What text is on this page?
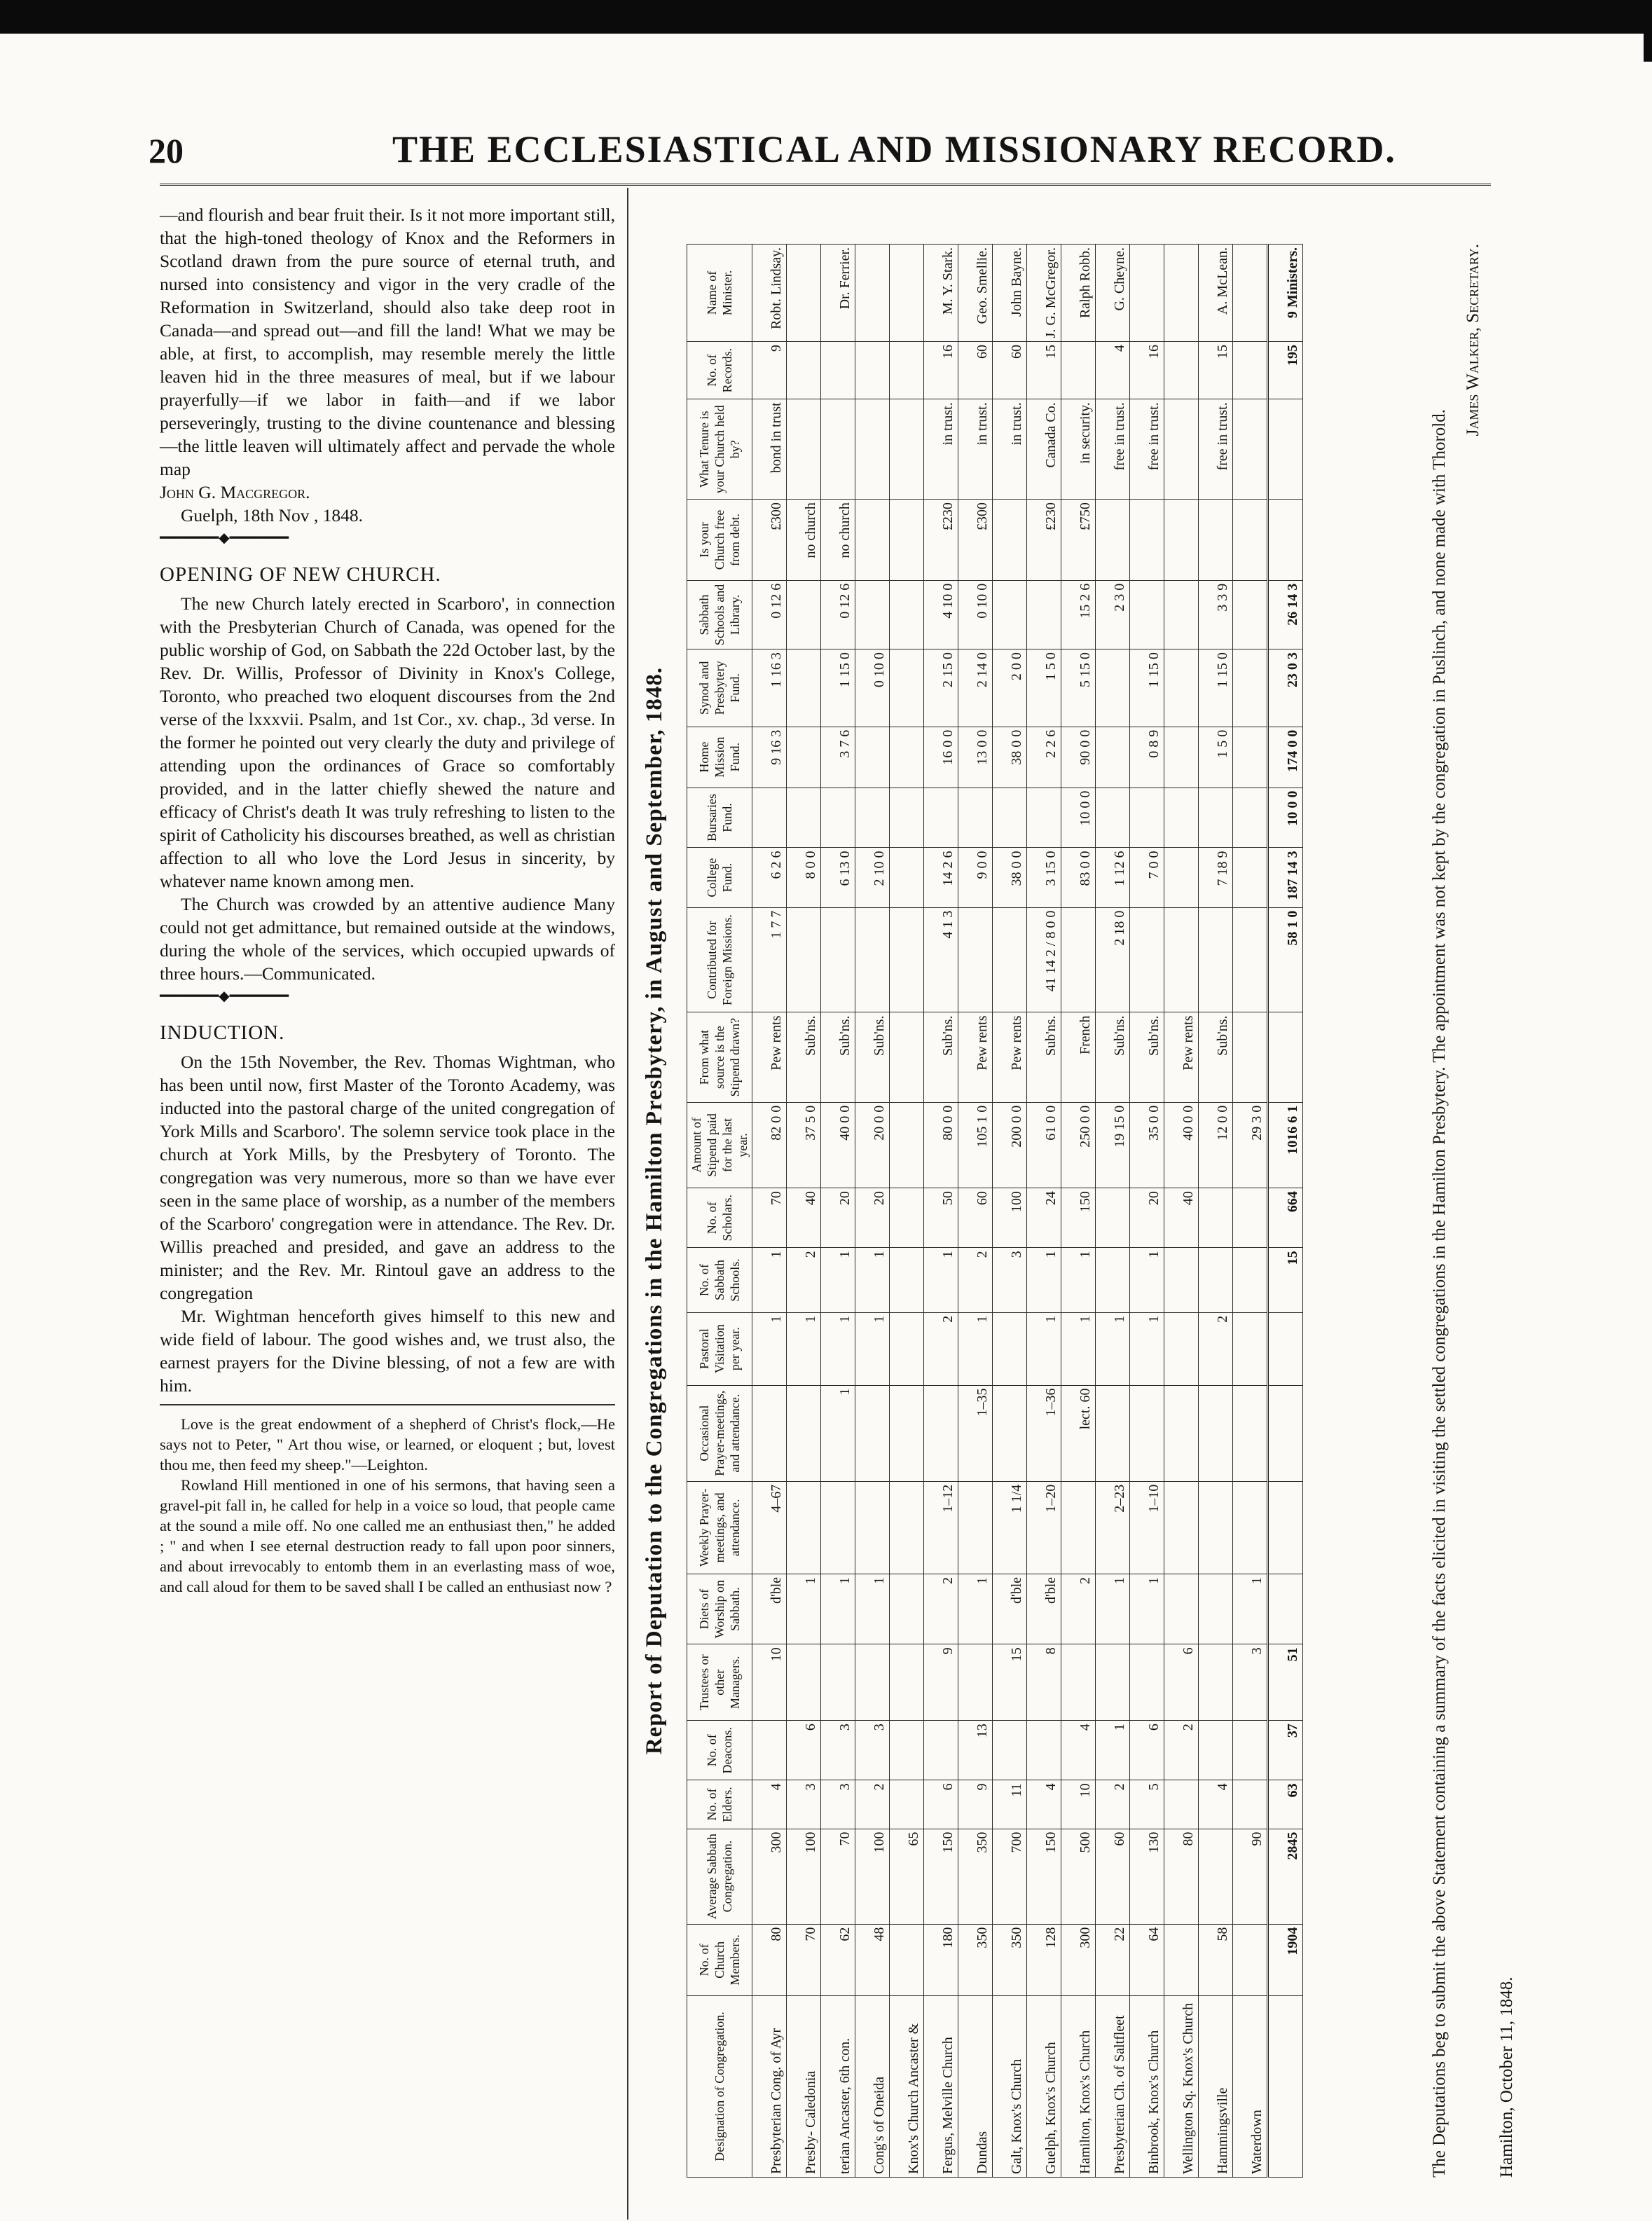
20	THE ECCLESIASTICAL AND MISSIONARY RECORD.

—and flourish and bear fruit their. Is it not more important still, that the high-toned theology of Knox and the Reformers in Scotland drawn from the pure source of eternal truth, and nursed into consistency and vigor in the very cradle of the Reformation in Switzerland, should also take deep root in Canada—and spread out—and fill the land! What we may be able, at first, to accomplish, may resemble merely the little leaven hid in the three measures of meal, but if we labour prayerfully—if we labor in faith—and if we labor perseveringly, trusting to the divine countenance and blessing—the little leaven will ultimately affect and pervade the whole map

John G. Macgregor.

Guelph, 18th Nov , 1848.

━━━━━━━◆━━━━━━━

OPENING OF NEW CHURCH.

The new Church lately erected in Scarboro', in connection with the Presbyterian Church of Canada, was opened for the public worship of God, on Sabbath the 22d October last, by the Rev. Dr. Willis, Professor of Divinity in Knox's College, Toronto, who preached two eloquent discourses from the 2nd verse of the lxxxvii. Psalm, and 1st Cor., xv. chap., 3d verse. In the former he pointed out very clearly the duty and privilege of attending upon the ordinances of Grace so comfortably provided, and in the latter chiefly shewed the nature and efficacy of Christ's death It was truly refreshing to listen to the spirit of Catholicity his discourses breathed, as well as christian affection to all who love the Lord Jesus in sincerity, by whatever name known among men.

The Church was crowded by an attentive audience Many could not get admittance, but remained outside at the windows, during the whole of the services, which occupied upwards of three hours.—Communicated.

━━━━━━━◆━━━━━━━

INDUCTION.

On the 15th November, the Rev. Thomas Wightman, who has been until now, first Master of the Toronto Academy, was inducted into the pastoral charge of the united congregation of York Mills and Scarboro'. The solemn service took place in the church at York Mills, by the Presbytery of Toronto. The congregation was very numerous, more so than we have ever seen in the same place of worship, as a number of the members of the Scarboro' congregation were in attendance. The Rev. Dr. Willis preached and presided, and gave an address to the minister; and the Rev. Mr. Rintoul gave an address to the congregation

Mr. Wightman henceforth gives himself to this new and wide field of labour. The good wishes and, we trust also, the earnest prayers for the Divine blessing, of not a few are with him.

Love is the great endowment of a shepherd of Christ's flock,—He says not to Peter, " Art thou wise, or learned, or eloquent ; but, lovest thou me, then feed my sheep."—Leighton.

Rowland Hill mentioned in one of his sermons, that having seen a gravel-pit fall in, he called for help in a voice so loud, that people came at the sound a mile off. No one called me an enthusiast then," he added ; " and when I see eternal destruction ready to fall upon poor sinners, and about irrevocably to entomb them in an everlasting mass of woe, and call aloud for them to be saved shall I be called an enthusiast now ? Report of Deputation to the Congregations in the Hamilton Presbytery, in August and September, 1848.
Designation of Congregation.	No. of Church Members.	Average Sabbath Congregation.	No. of Elders.	No. of Deacons.	Trustees or other Managers.	Diets of Worship on Sabbath.	Weekly Prayer-meetings, and attendance.	Occasional Prayer-meetings, and attendance.	Pastoral Visitation per year.	No. of Sabbath Schools.	No. of Scholars.	Amount of Stipend paid for the last year.	From what source is the Stipend drawn?	Contributed for Foreign Missions.	College Fund.	Bursaries Fund.	Home Mission Fund.	Synod and Presbytery Fund.	Sabbath Schools and Library.	Is your Church free from debt.	What Tenure is your Church held by?	No. of Records.	Name of Minister.
Presbyterian Cong. of Ayr	80	300	4		10	d'ble	4–67		1	1	70	82 0 0	Pew rents	1 7 7	6 2 6		9 16 3	1 16 3	0 12 6	£300	bond in trust	9	Robt. Lindsay.
Presby- Caledonia	70	100	3	6		1			1	2	40	37 5 0	Sub'ns.		8 0 0					no church			
terian Ancaster, 6th con.	62	70	3	3		1		1	1	1	20	40 0 0	Sub'ns.		6 13 0		3 7 6	1 15 0	0 12 6	no church			Dr. Ferrier.
Cong's of Oneida	48	100	2	3		1			1	1	20	20 0 0	Sub'ns.		2 10 0			0 10 0					
Knox's Church Ancaster &		65																					
Fergus, Melville Church	180	150	6		9	2	1–12		2	1	50	80 0 0	Sub'ns.	4 1 3	14 2 6		16 0 0	2 15 0	4 10 0	£230	in trust.	16	M. Y. Stark.
Dundas	350	350	9	13		1		1–35	1	2	60	105 1 0	Pew rents		9 0 0		13 0 0	2 14 0	0 10 0	£300	in trust.	60	Geo. Smellie.
Galt, Knox's Church	350	700	11		15	d'ble	1 1/4			3	100	200 0 0	Pew rents		38 0 0		38 0 0	2 0 0			in trust.	60	John Bayne.
Guelph, Knox's Church	128	150	4		8	d'ble	1–20	1–36	1	1	24	61 0 0	Sub'ns.	41 14 2 / 8 0 0	3 15 0		2 2 6	1 5 0		£230	Canada Co.	15	J. G. McGregor.
Hamilton, Knox's Church	300	500	10	4		2		lect. 60	1	1	150	250 0 0	French		83 0 0	10 0 0	90 0 0	5 15 0	15 2 6	£750	in security.		Ralph Robb.
Presbyterian Ch. of Saltfleet	22	60	2	1		1	2–23		1			19 15 0	Sub'ns.	2 18 0	1 12 6				2 3 0		free in trust.	4	G. Cheyne.
Binbrook, Knox's Church	64	130	5	6		1	1–10		1	1	20	35 0 0	Sub'ns.		7 0 0		0 8 9	1 15 0			free in trust.	16	
Wellington Sq. Knox's Church		80		2	6						40	40 0 0	Pew rents										
Hammingsville	58		4						2			12 0 0	Sub'ns.		7 18 9		1 5 0	1 15 0	3 3 9		free in trust.	15	A. McLean.
Waterdown		90			3	1						29 3 0											
	1904	2845	63	37	51					15	664	1016 6 1		58 1 0	187 14 3	10 0 0	174 0 0	23 0 3	26 14 3			195	9 Ministers.
The Deputations beg to submit the above Statement containing a summary of the facts elicited in visiting the settled congregations in the Hamilton Presbytery. The appointment was not kept by the congregation in Puslinch, and none made with Thorold.
James Walker, Secretary.
Hamilton, October 11, 1848.
